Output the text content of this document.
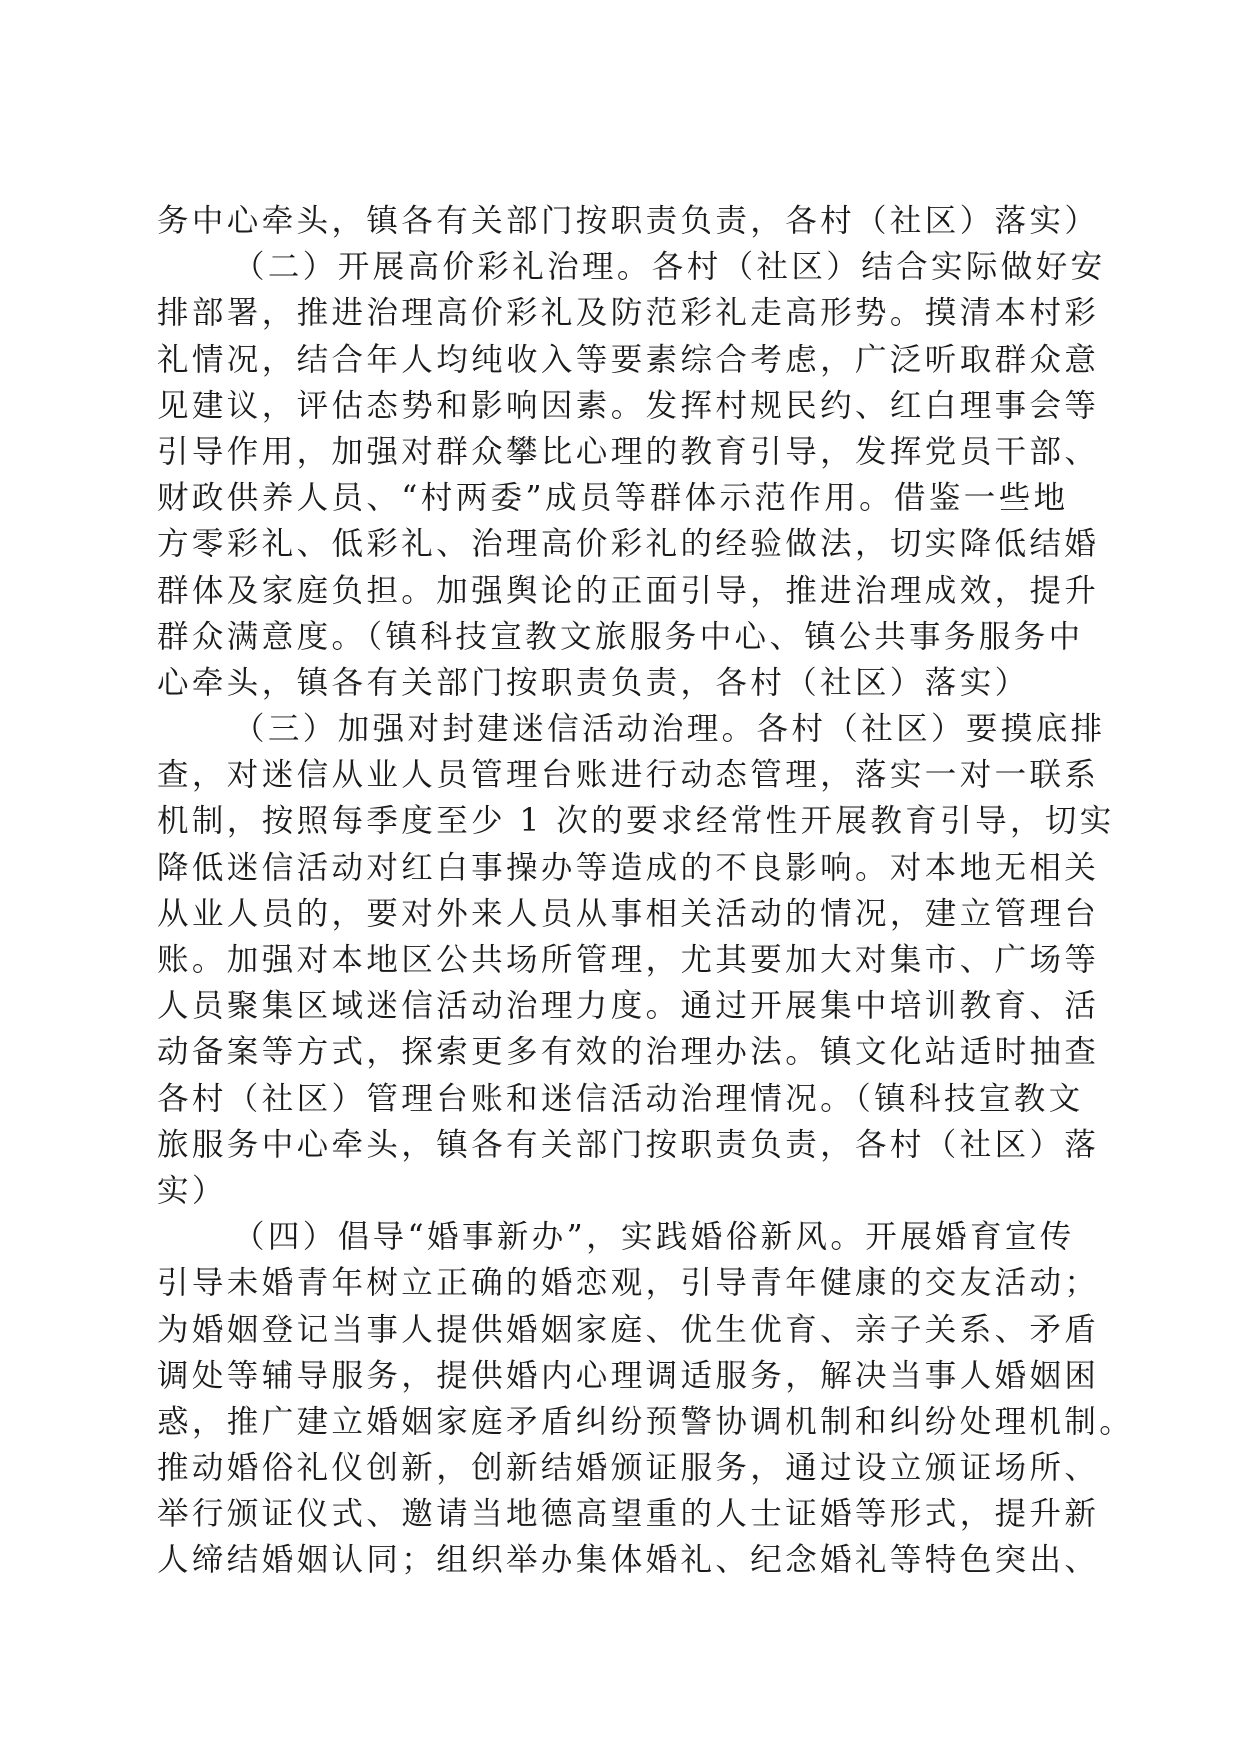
务中心牵头，镇各有关部门按职责负责，各村（社区）落实）
（二）开展高价彩礼治理。各村（社区）结合实际做好安
排部署，推进治理高价彩礼及防范彩礼走高形势。摸清本村彩
礼情况，结合年人均纯收入等要素综合考虑，广泛听取群众意
见建议，评估态势和影响因素。发挥村规民约、红白理事会等
引导作用，加强对群众攀比心理的教育引导，发挥党员干部、
财政供养人员、“村两委”成员等群体示范作用。借鉴一些地
方零彩礼、低彩礼、治理高价彩礼的经验做法，切实降低结婚
群体及家庭负担。加强舆论的正面引导，推进治理成效，提升
群众满意度。（镇科技宣教文旅服务中心、镇公共事务服务中
心牵头，镇各有关部门按职责负责，各村（社区）落实）
（三）加强对封建迷信活动治理。各村（社区）要摸底排
查，对迷信从业人员管理台账进行动态管理，落实一对一联系
机制，按照每季度至少 1 次的要求经常性开展教育引导，切实
降低迷信活动对红白事操办等造成的不良影响。对本地无相关
从业人员的，要对外来人员从事相关活动的情况，建立管理台
账。加强对本地区公共场所管理，尤其要加大对集市、广场等
人员聚集区域迷信活动治理力度。通过开展集中培训教育、活
动备案等方式，探索更多有效的治理办法。镇文化站适时抽查
各村（社区）管理台账和迷信活动治理情况。（镇科技宣教文
旅服务中心牵头，镇各有关部门按职责负责，各村（社区）落
实）
（四）倡导“婚事新办”，实践婚俗新风。开展婚育宣传
引导未婚青年树立正确的婚恋观，引导青年健康的交友活动；
为婚姻登记当事人提供婚姻家庭、优生优育、亲子关系、矛盾
调处等辅导服务，提供婚内心理调适服务，解决当事人婚姻困
惑，推广建立婚姻家庭矛盾纠纷预警协调机制和纠纷处理机制。
推动婚俗礼仪创新，创新结婚颁证服务，通过设立颁证场所、
举行颁证仪式、邀请当地德高望重的人士证婚等形式，提升新
人缔结婚姻认同；组织举办集体婚礼、纪念婚礼等特色突出、
